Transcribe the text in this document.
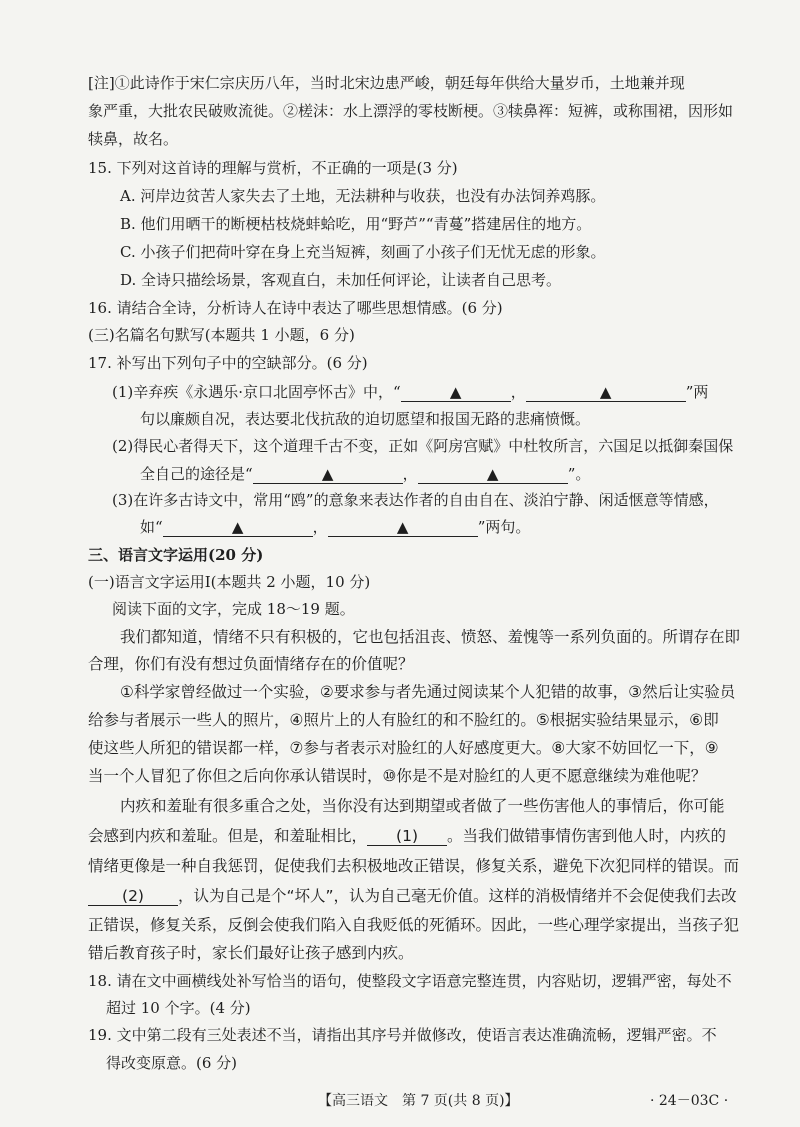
[注]①此诗作于宋仁宗庆历八年，当时北宋边患严峻，朝廷每年供给大量岁币，土地兼并现
象严重，大批农民破败流徙。②槎沫：水上漂浮的零枝断梗。③犊鼻裈：短裤，或称围裙，因形如
犊鼻，故名。
15. 下列对这首诗的理解与赏析，不正确的一项是(3 分)
A. 河岸边贫苦人家失去了土地，无法耕种与收获，也没有办法饲养鸡豚。
B. 他们用晒干的断梗枯枝烧蚌蛤吃，用“野芦”“青蔓”搭建居住的地方。
C. 小孩子们把荷叶穿在身上充当短裤，刻画了小孩子们无忧无虑的形象。
D. 全诗只描绘场景，客观直白，未加任何评论，让读者自己思考。
16. 请结合全诗，分析诗人在诗中表达了哪些思想情感。(6 分)
(三)名篇名句默写(本题共 1 小题，6 分)
17. 补写出下列句子中的空缺部分。(6 分)
(1)辛弃疾《永遇乐·京口北固亭怀古》中，“	▲	，	▲	”两
句以廉颇自况，表达要北伐抗敌的迫切愿望和报国无路的悲痛愤慨。
(2)得民心者得天下，这个道理千古不变，正如《阿房宫赋》中杜牧所言，六国足以抵御秦国保
全自己的途径是“	▲	，	▲	”。
(3)在许多古诗文中，常用“鸥”的意象来表达作者的自由自在、淡泊宁静、闲适惬意等情感，
如“	▲	，	▲	”两句。
三、语言文字运用(20 分)
(一)语言文字运用Ⅰ(本题共 2 小题，10 分)
阅读下面的文字，完成 18～19 题。
我们都知道，情绪不只有积极的，它也包括沮丧、愤怒、羞愧等一系列负面的。所谓存在即
合理，你们有没有想过负面情绪存在的价值呢？
①科学家曾经做过一个实验，②要求参与者先通过阅读某个人犯错的故事，③然后让实验员
给参与者展示一些人的照片，④照片上的人有脸红的和不脸红的。⑤根据实验结果显示，⑥即
使这些人所犯的错误都一样，⑦参与者表示对脸红的人好感度更大。⑧大家不妨回忆一下，⑨
当一个人冒犯了你但之后向你承认错误时，⑩你是不是对脸红的人更不愿意继续为难他呢？
内疚和羞耻有很多重合之处，当你没有达到期望或者做了一些伤害他人的事情后，你可能
会感到内疚和羞耻。但是，和羞耻相比， (1) 。当我们做错事情伤害到他人时，内疚的
情绪更像是一种自我惩罚，促使我们去积极地改正错误，修复关系，避免下次犯同样的错误。而
(2) ，认为自己是个“坏人”，认为自己毫无价值。这样的消极情绪并不会促使我们去改
正错误，修复关系，反倒会使我们陷入自我贬低的死循环。因此，一些心理学家提出，当孩子犯
错后教育孩子时，家长们最好让孩子感到内疚。
18. 请在文中画横线处补写恰当的语句，使整段文字语意完整连贯，内容贴切，逻辑严密，每处不
超过 10 个字。(4 分)
19. 文中第二段有三处表述不当，请指出其序号并做修改，使语言表达准确流畅，逻辑严密。不
得改变原意。(6 分)
【高三语文　第 7 页(共 8 页)】	· 24－03C ·
